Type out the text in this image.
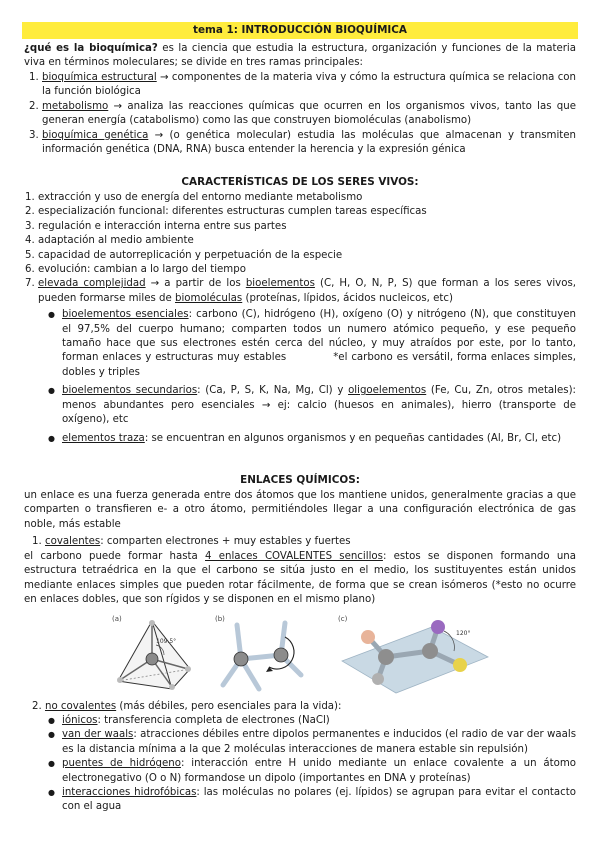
tema 1: INTRODUCCIÓN BIOQUÍMICA
¿qué es la bioquímica? es la ciencia que estudia la estructura, organización y funciones de la materia viva en términos moleculares; se divide en tres ramas principales:
1. bioquímica estructural → componentes de la materia viva y cómo la estructura química se relaciona con la función biológica
2. metabolismo → analiza las reacciones químicas que ocurren en los organismos vivos, tanto las que generan energía (catabolismo) como las que construyen biomoléculas (anabolismo)
3. bioquímica genética → (o genética molecular) estudia las moléculas que almacenan y transmiten información genética (DNA, RNA) busca entender la herencia y la expresión génica
CARACTERÍSTICAS DE LOS SERES VIVOS:
1. extracción y uso de energía del entorno mediante metabolismo
2. especialización funcional: diferentes estructuras cumplen tareas específicas
3. regulación e interacción interna entre sus partes
4. adaptación al medio ambiente
5. capacidad de autorreplicación y perpetuación de la especie
6. evolución: cambian a lo largo del tiempo
7. elevada complejidad → a partir de los bioelementos (C, H, O, N, P, S) que forman a los seres vivos, pueden formarse miles de biomoléculas (proteínas, lípidos, ácidos nucleicos, etc)
● bioelementos esenciales: carbono (C), hidrógeno (H), oxígeno (O) y nitrógeno (N), que constituyen el 97,5% del cuerpo humano; comparten todos un numero atómico pequeño, y ese pequeño tamaño hace que sus electrones estén cerca del núcleo, y muy atraídos por este, por lo tanto, forman enlaces y estructuras muy estables	*el carbono es versátil, forma enlaces simples, dobles y triples
● bioelementos secundarios: (Ca, P, S, K, Na, Mg, Cl) y oligoelementos (Fe, Cu, Zn, otros metales): menos abundantes pero esenciales → ej: calcio (huesos en animales), hierro (transporte de oxígeno), etc
● elementos traza: se encuentran en algunos organismos y en pequeñas cantidades (Al, Br, Cl, etc)
ENLACES QUÍMICOS:
un enlace es una fuerza generada entre dos átomos que los mantiene unidos, generalmente gracias a que comparten o transfieren e- a otro átomo, permitiéndoles llegar a una configuración electrónica de gas noble, más estable
1. covalentes: comparten electrones + muy estables y fuertes
el carbono puede formar hasta 4 enlaces COVALENTES sencillos: estos se disponen formando una estructura tetraédrica en la que el carbono se sitúa justo en el medio, los sustituyentes están unidos mediante enlaces simples que pueden rotar fácilmente, de forma que se crean isómeros (*esto no ocurre en enlaces dobles, que son rígidos y se disponen en el mismo plano)
(a)
109.5°
(b)	(c)
120°
2. no covalentes (más débiles, pero esenciales para la vida):
● iónicos: transferencia completa de electrones (NaCl)
● van der waals: atracciones débiles entre dipolos permanentes e inducidos (el radio de var der waals es la distancia mínima a la que 2 moléculas interacciones de manera estable sin repulsión)
● puentes de hidrógeno: interacción entre H unido mediante un enlace covalente a un átomo electronegativo (O o N) formandose un dipolo (importantes en DNA y proteínas)
● interacciones hidrofóbicas: las moléculas no polares (ej. lípidos) se agrupan para evitar el contacto con el agua
